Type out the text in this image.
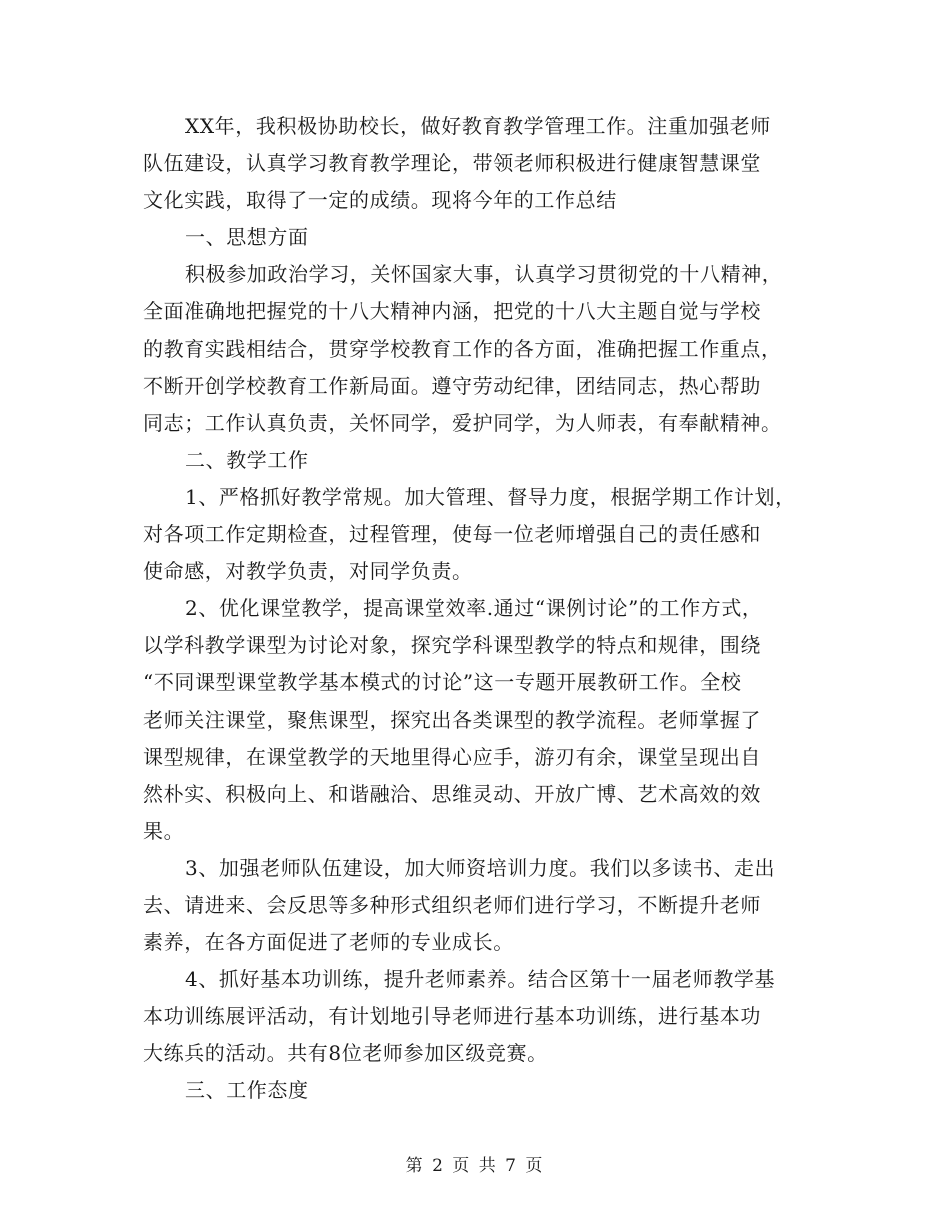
XX年，我积极协助校长，做好教育教学管理工作。注重加强老师
队伍建设，认真学习教育教学理论，带领老师积极进行健康智慧课堂
文化实践，取得了一定的成绩。现将今年的工作总结
一、思想方面
积极参加政治学习，关怀国家大事，认真学习贯彻党的十八精神，
全面准确地把握党的十八大精神内涵，把党的十八大主题自觉与学校
的教育实践相结合，贯穿学校教育工作的各方面，准确把握工作重点，
不断开创学校教育工作新局面。遵守劳动纪律，团结同志，热心帮助
同志；工作认真负责，关怀同学，爱护同学，为人师表，有奉献精神。
二、教学工作
1、严格抓好教学常规。加大管理、督导力度，根据学期工作计划，
对各项工作定期检查，过程管理，使每一位老师增强自己的责任感和
使命感，对教学负责，对同学负责。
2、优化课堂教学，提高课堂效率.通过“课例讨论”的工作方式，
以学科教学课型为讨论对象，探究学科课型教学的特点和规律，围绕
“不同课型课堂教学基本模式的讨论”这一专题开展教研工作。全校
老师关注课堂，聚焦课型，探究出各类课型的教学流程。老师掌握了
课型规律，在课堂教学的天地里得心应手，游刃有余，课堂呈现出自
然朴实、积极向上、和谐融洽、思维灵动、开放广博、艺术高效的效
果。
3、加强老师队伍建设，加大师资培训力度。我们以多读书、走出
去、请进来、会反思等多种形式组织老师们进行学习，不断提升老师
素养，在各方面促进了老师的专业成长。
4、抓好基本功训练，提升老师素养。结合区第十一届老师教学基
本功训练展评活动，有计划地引导老师进行基本功训练，进行基本功
大练兵的活动。共有8位老师参加区级竞赛。
三、工作态度
第 2 页 共 7 页
